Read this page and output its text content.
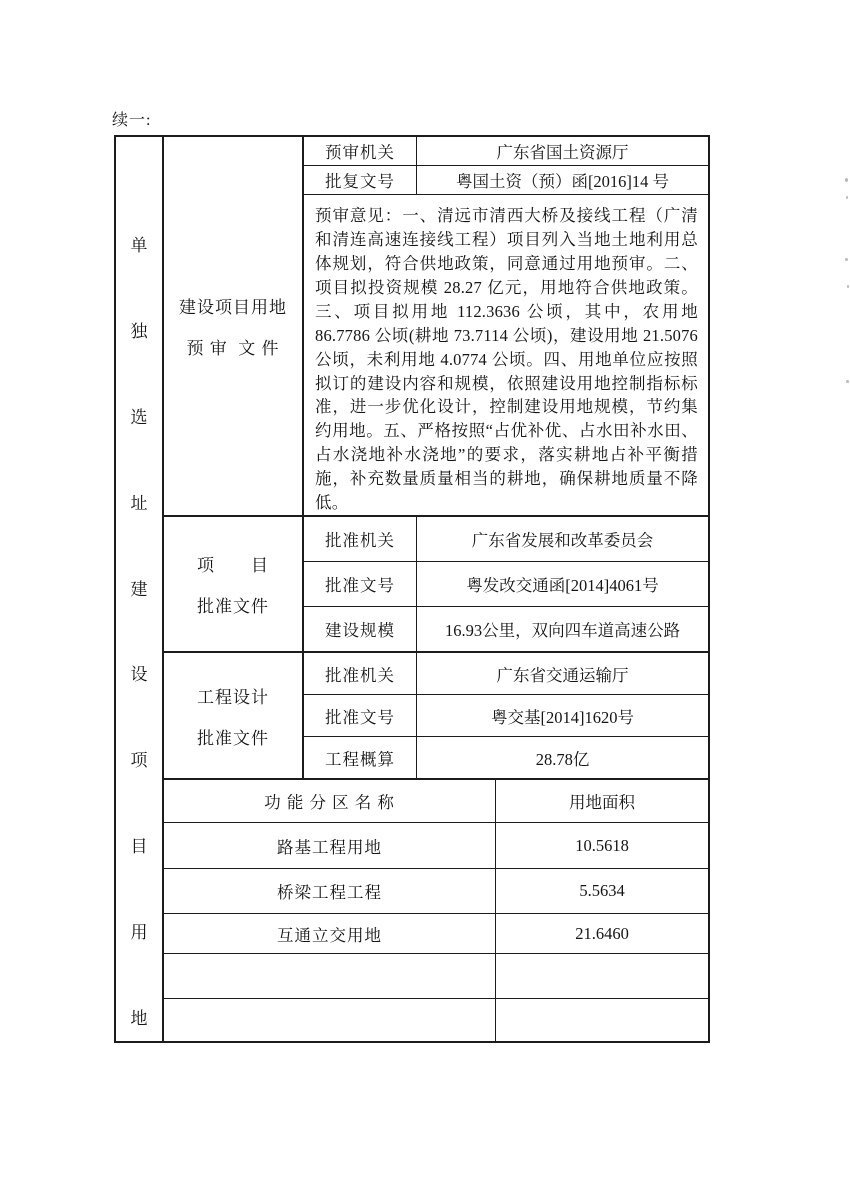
续一:
单
独
选
址
建
设
项
目
用
地
建设项目用地
预 审  文 件
预审机关	广东省国土资源厅
批复文号	粤国土资（预）函[2016]14 号
预审意见：一、清远市清西大桥及接线工程（广清和清连高速连接线工程）项目列入当地土地利用总体规划，符合供地政策，同意通过用地预审。二、项目拟投资规模 28.27 亿元，用地符合供地政策。三、项目拟用地 112.3636 公顷，其中，农用地 86.7786 公顷(耕地 73.7114 公顷)，建设用地 21.5076 公顷，未利用地 4.0774 公顷。四、用地单位应按照拟订的建设内容和规模，依照建设用地控制指标标准，进一步优化设计，控制建设用地规模，节约集约用地。五、严格按照“占优补优、占水田补水田、占水浇地补水浇地”的要求，落实耕地占补平衡措施，补充数量质量相当的耕地，确保耕地质量不降低。
项　　目
批准文件
批准机关	广东省发展和改革委员会
批准文号	粤发改交通函[2014]4061号
建设规模	16.93公里，双向四车道高速公路
工程设计
批准文件
批准机关	广东省交通运输厅
批准文号	粤交基[2014]1620号
工程概算	28.78亿
功 能 分 区 名 称	用地面积
路基工程用地	10.5618
桥梁工程工程	5.5634
互通立交用地	21.6460
